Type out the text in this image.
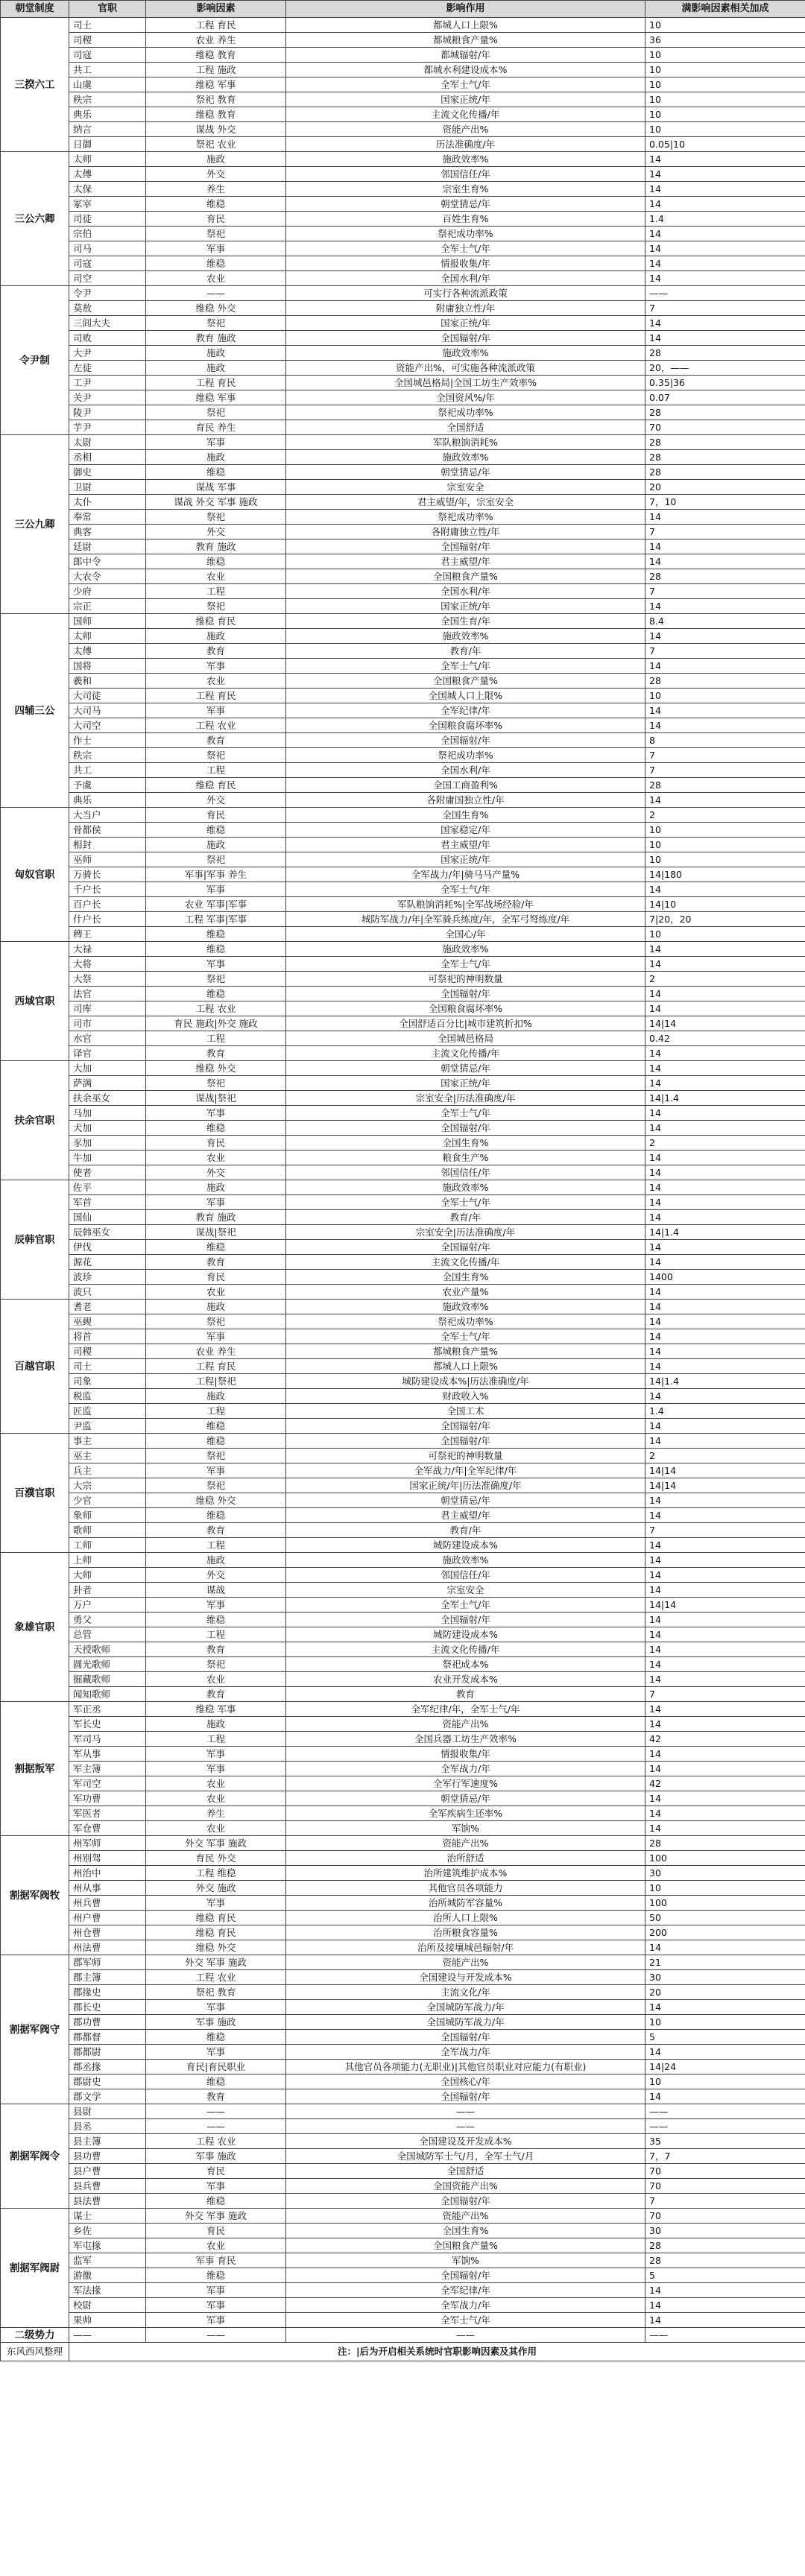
朝堂制度	官职	影响因素	影响作用	满影响因素相关加成
三揆六工	司土	工程 育民	都城人口上限%	10
	司稷	农业 养生	都城粮食产量%	36
	司寇	维稳 教育	都城辐射/年	10
	共工	工程 施政	都城水利建设成本%	10
	山虞	维稳 军事	全军士气/年	10
	秩宗	祭祀 教育	国家正统/年	10
	典乐	维稳 教育	主流文化传播/年	10
	纳言	谋战 外交	资能产出%	10
	日御	祭祀 农业	历法准确度/年	0.05|10
三公六卿	太师	施政	施政效率%	14
	太傅	外交	邻国信任/年	14
	太保	养生	宗室生育%	14
	冢宰	维稳	朝堂猜忌/年	14
	司徒	育民	百姓生育%	1.4
	宗伯	祭祀	祭祀成功率%	14
	司马	军事	全军士气/年	14
	司寇	维稳	情报收集/年	14
	司空	农业	全国水利/年	14
令尹制	令尹	——	可实行各种流派政策	——
	莫敖	维稳 外交	附庸独立性/年	7
	三闾大夫	祭祀	国家正统/年	14
	司败	教育 施政	全国辐射/年	14
	大尹	施政	施政效率%	28
	左徒	施政	资能产出%，可实施各种流派政策	20，——
	工尹	工程 育民	全国城邑格局|全国工坊生产效率%	0.35|36
	关尹	维稳 军事	全国资风%/年	0.07
	陵尹	祭祀	祭祀成功率%	28
	芋尹	育民 养生	全国舒适	70
三公九卿	太尉	军事	军队粮饷消耗%	28
	丞相	施政	施政效率%	28
	御史	维稳	朝堂猜忌/年	28
	卫尉	谋战 军事	宗室安全	20
	太仆	谋战 外交 军事 施政	君主威望/年，宗室安全	7，10
	奉常	祭祀	祭祀成功率%	14
	典客	外交	各附庸独立性/年	7
	廷尉	教育 施政	全国辐射/年	14
	郎中令	维稳	君主威望/年	14
	大农令	农业	全国粮食产量%	28
	少府	工程	全国水利/年	7
	宗正	祭祀	国家正统/年	14
四辅三公	国师	维稳 育民	全国生育/年	8.4
	太师	施政	施政效率%	14
	太傅	教育	教育/年	7
	国将	军事	全军士气/年	14
	羲和	农业	全国粮食产量%	28
	大司徒	工程 育民	全国城人口上限%	10
	大司马	军事	全军纪律/年	14
	大司空	工程 农业	全国粮食腐坏率%	14
	作士	教育	全国辐射/年	8
	秩宗	祭祀	祭祀成功率%	7
	共工	工程	全国水利/年	7
	予虞	维稳 育民	全国工商盈利%	28
	典乐	外交	各附庸国独立性/年	14
匈奴官职	大当户	育民	全国生育%	2
	骨都侯	维稳	国家稳定/年	10
	相封	施政	君主威望/年	10
	巫师	祭祀	国家正统/年	10
	万骑长	军事|军事 养生	全军战力/年|骑马马产量%	14|180
	千户长	军事	全军士气/年	14
	百户长	农业 军事|军事	军队粮饷消耗%|全军战场经验/年	14|10
	什户长	工程 军事|军事	城防军战力/年|全军骑兵练度/年，全军弓弩练度/年	7|20，20
	稗王	维稳	全国心/年	10
西域官职	大禄	维稳	施政效率%	14
	大将	军事	全军士气/年	14
	大祭	祭祀	可祭祀的神明数量	2
	法官	维稳	全国辐射/年	14
	司库	工程 农业	全国粮食腐坏率%	14
	司市	育民 施政|外交 施政	全国舒适百分比|城市建筑折扣%	14|14
	水官	工程	全国城邑格局	0.42
	译官	教育	主流文化传播/年	14
扶余官职	大加	维稳 外交	朝堂猜忌/年	14
	萨满	祭祀	国家正统/年	14
	扶余巫女	谋战|祭祀	宗室安全|历法准确度/年	14|1.4
	马加	军事	全军士气/年	14
	犬加	维稳	全国辐射/年	14
	豕加	育民	全国生育%	2
	牛加	农业	粮食生产%	14
	使者	外交	邻国信任/年	14
辰韩官职	佐平	施政	施政效率%	14
	军首	军事	全军士气/年	14
	国仙	教育 施政	教育/年	14
	辰韩巫女	谋战|祭祀	宗室安全|历法准确度/年	14|1.4
	伊伐	维稳	全国辐射/年	14
	源花	教育	主流文化传播/年	14
	波珍	育民	全国生育%	1400
	波只	农业	农业产量%	14
百越官职	耆老	施政	施政效率%	14
	巫觋	祭祀	祭祀成功率%	14
	将首	军事	全军士气/年	14
	司稷	农业 养生	都城粮食产量%	14
	司土	工程 育民	都城人口上限%	14
	司象	工程|祭祀	城防建设成本%|历法准确度/年	14|1.4
	税监	施政	财政收入%	14
	匠监	工程	全国工术	1.4
	尹监	维稳	全国辐射/年	14
百濮官职	事主	维稳	全国辐射/年	14
	巫主	祭祀	可祭祀的神明数量	2
	兵主	军事	全军战力/年|全军纪律/年	14|14
	大宗	祭祀	国家正统/年|历法准确度/年	14|14
	少官	维稳 外交	朝堂猜忌/年	14
	象师	维稳	君主威望/年	14
	歌师	教育	教育/年	7
	工师	工程	城防建设成本%	14
象雄官职	上师	施政	施政效率%	14
	大师	外交	邻国信任/年	14
	卦者	谋战	宗室安全	14
	万户	军事	全军士气/年	14|14
	勇父	维稳	全国辐射/年	14
	总管	工程	城防建设成本%	14
	天授歌师	教育	主流文化传播/年	14
	圆光歌师	祭祀	祭祀成本%	14
	掘藏歌师	农业	农业开发成本%	14
	闻知歌师	教育	教育	7
割据叛军	军正丞	维稳 军事	全军纪律/年，全军士气/年	14
	军长史	施政	资能产出%	14
	军司马	工程	全国兵器工坊生产效率%	42
	军从事	军事	情报收集/年	14
	军主簿	军事	全军战力/年	14
	军司空	农业	全军行军速度%	42
	军功曹	农业	朝堂猜忌/年	14
	军医者	养生	全军疾病生还率%	14
	军仓曹	农业	军饷%	14
割据军阀牧	州军师	外交 军事 施政	资能产出%	28
	州别驾	育民 外交	治所舒适	100
	州治中	工程 维稳	治所建筑维护成本%	30
	州从事	外交 施政	其他官员各项能力	10
	州兵曹	军事	治所城防军容量%	100
	州户曹	维稳 育民	治所人口上限%	50
	州仓曹	维稳 育民	治所粮食容量%	200
	州法曹	维稳 外交	治所及接壤城邑辐射/年	14
割据军阀守	郡军师	外交 军事 施政	资能产出%	21
	郡主簿	工程 农业	全国建设与开发成本%	30
	郡掾史	祭祀 教育	主流文化/年	20
	郡长史	军事	全国城防军战力/年	14
	郡功曹	军事 施政	全国城防军战力/年	10
	郡都督	维稳	全国辐射/年	5
	郡都尉	军事	全军战力/年	14
	郡丞掾	育民|育民职业	其他官员各项能力(无职业)|其他官员职业对应能力(有职业)	14|24
	郡尉史	维稳	全国核心/年	10
	郡文学	教育	全国辐射/年	14
割据军阀令	县尉	——	——	——
	县丞	——	——	——
	县主簿	工程 农业	全国建设及开发成本%	35
	县功曹	军事 施政	全国城防军士气/月，全军士气/月	7，7
	县户曹	育民	全国舒适	70
	县兵曹	军事	全国资能产出%	70
	县法曹	维稳	全国辐射/年	7
割据军阀尉	谋士	外交 军事 施政	资能产出%	70
	乡佐	育民	全国生育%	30
	军屯掾	农业	全国粮食产量%	28
	监军	军事 育民	军饷%	28
	游徼	维稳	全国辐射/年	5
	军法掾	军事	全军纪律/年	14
	校尉	军事	全军战力/年	14
	果帅	军事	全军士气/年	14
二级势力	——	——	——	——
东风西风整理	注：|后为开启相关系统时官职影响因素及其作用			
